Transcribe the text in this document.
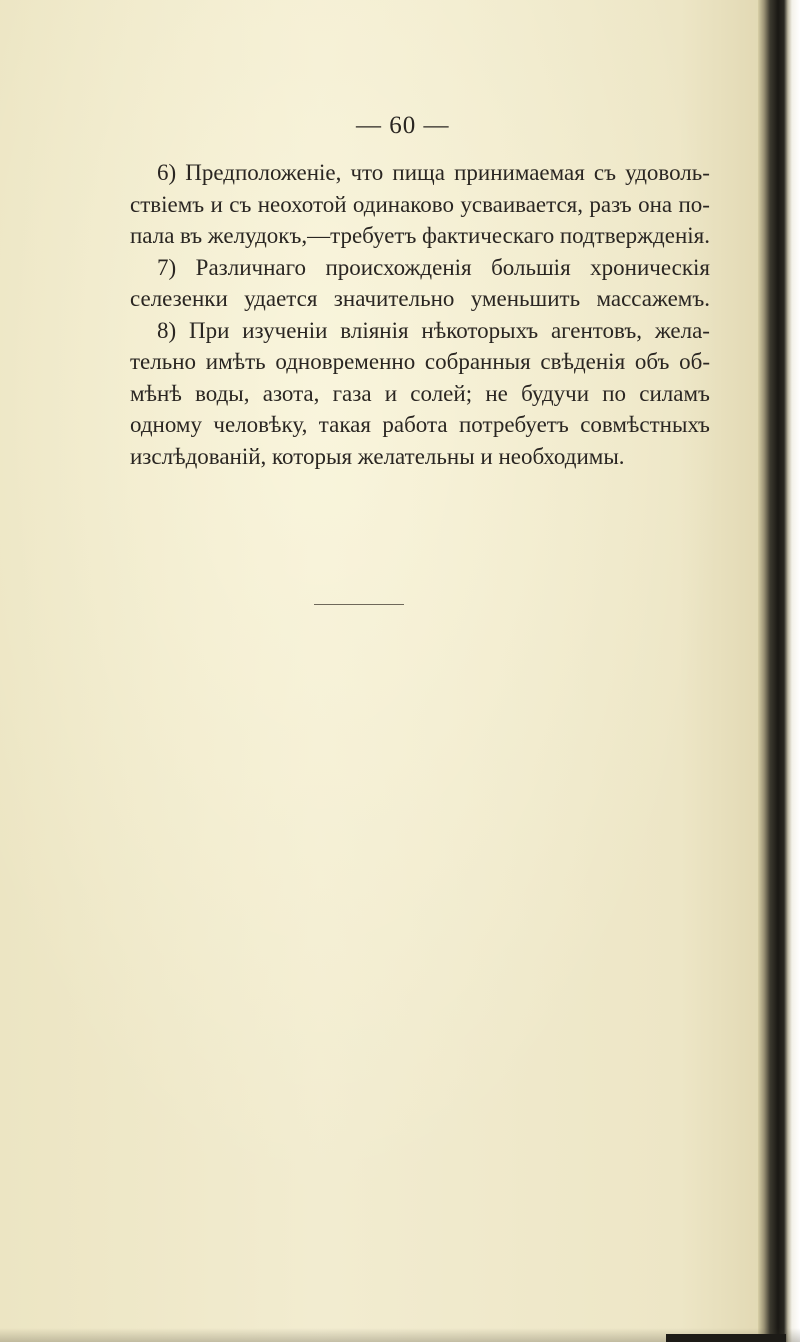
— 60 —
6) Предположеніе, что пища принимаемая съ удоволь-
ствіемъ и съ неохотой одинаково усваивается, разъ она по-
пала въ желудокъ,—требуетъ фактическаго подтвержденія.
7) Различнаго происхожденія большія хроническія
селезенки удается значительно уменьшить массажемъ.
8) При изученіи вліянія нѣкоторыхъ агентовъ, жела-
тельно имѣть одновременно собранныя свѣденія объ об-
мѣнѣ воды, азота, газа и солей; не будучи по силамъ
одному человѣку, такая работа потребуетъ совмѣстныхъ
изслѣдованій, которыя желательны и необходимы.
